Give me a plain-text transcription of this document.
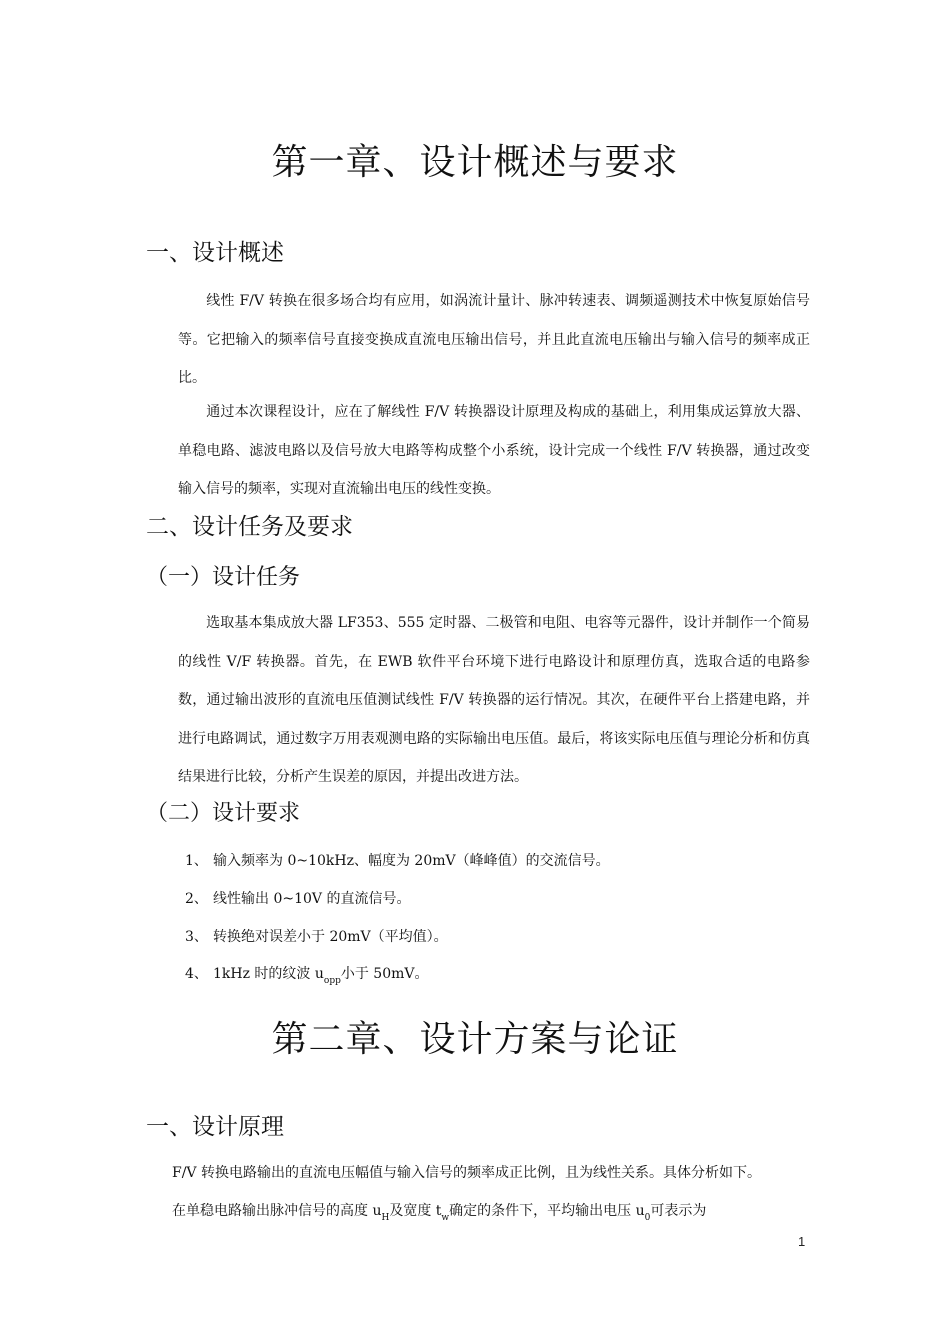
第一章、设计概述与要求
一、设计概述

线性 F/V 转换在很多场合均有应用，如涡流计量计、脉冲转速表、调频遥测技术中恢复原始信号等。它把输入的频率信号直接变换成直流电压输出信号，并且此直流电压输出与输入信号的频率成正比。

通过本次课程设计，应在了解线性 F/V 转换器设计原理及构成的基础上，利用集成运算放大器、单稳电路、滤波电路以及信号放大电路等构成整个小系统，设计完成一个线性 F/V 转换器，通过改变输入信号的频率，实现对直流输出电压的线性变换。

二、设计任务及要求
（一）设计任务

选取基本集成放大器 LF353、555 定时器、二极管和电阻、电容等元器件，设计并制作一个简易的线性 V/F 转换器。首先，在 EWB 软件平台环境下进行电路设计和原理仿真，选取合适的电路参数，通过输出波形的直流电压值测试线性 F/V 转换器的运行情况。其次，在硬件平台上搭建电路，并进行电路调试，通过数字万用表观测电路的实际输出电压值。最后，将该实际电压值与理论分析和仿真结果进行比较，分析产生误差的原因，并提出改进方法。

（二）设计要求
1、 输入频率为 0~10kHz、幅度为 20mV（峰峰值）的交流信号。
2、 线性输出 0~10V 的直流信号。
3、 转换绝对误差小于 20mV（平均值）。
4、 1kHz 时的纹波 $u_{opp}$小于 50mV。
第二章、设计方案与论证
一、设计原理
F/V 转换电路输出的直流电压幅值与输入信号的频率成正比例，且为线性关系。具体分析如下。
在单稳电路输出脉冲信号的高度 $u_H$及宽度 $t_w$确定的条件下，平均输出电压 $u_0$可表示为
1
